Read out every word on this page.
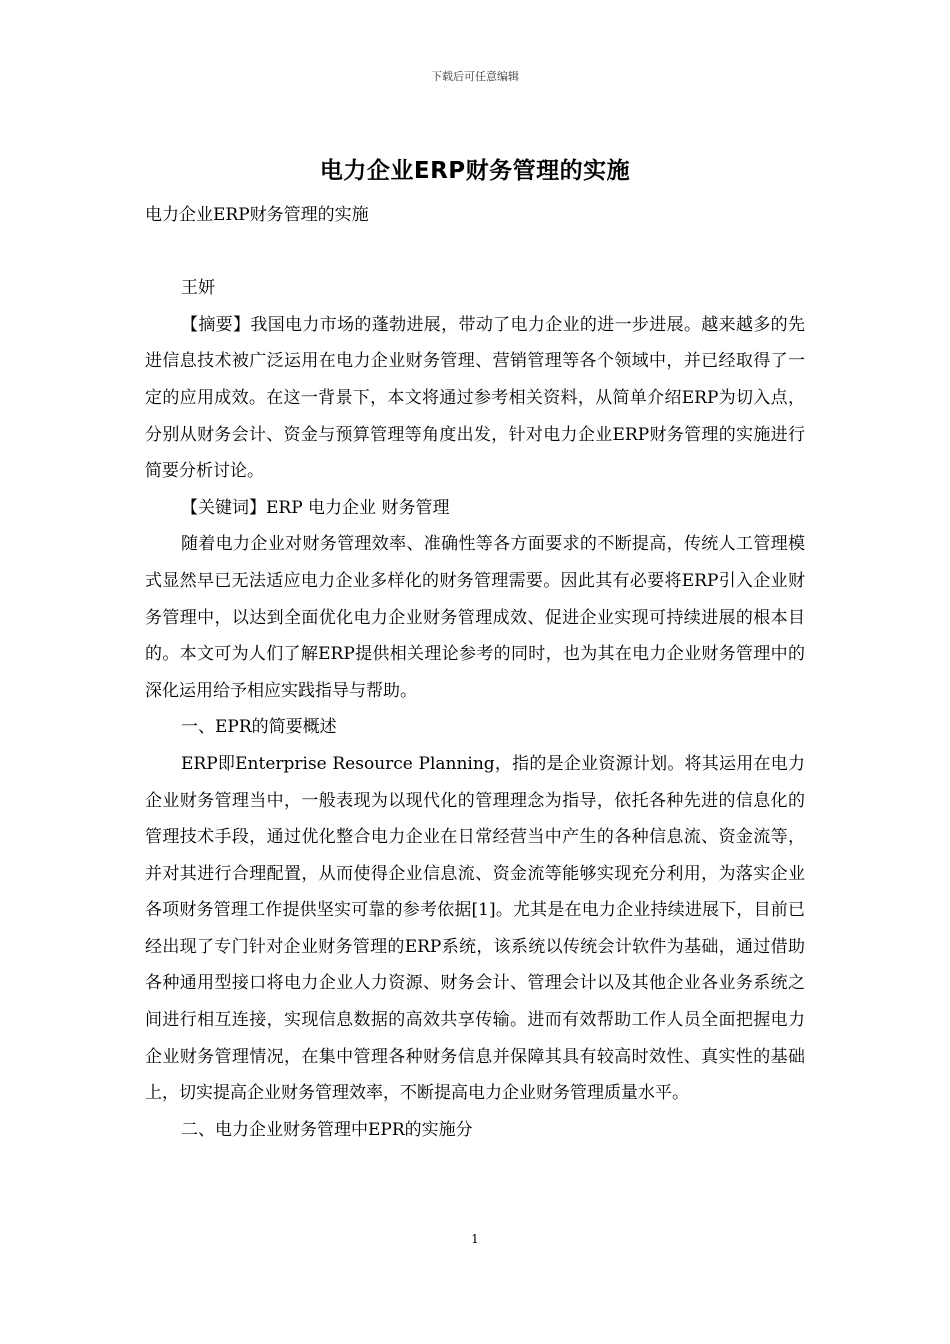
下载后可任意编辑
电力企业ERP财务管理的实施

电力企业ERP财务管理的实施

王妍

【摘要】我国电力市场的蓬勃进展，带动了电力企业的进一步进展。越来越多的先进信息技术被广泛运用在电力企业财务管理、营销管理等各个领域中，并已经取得了一定的应用成效。在这一背景下，本文将通过参考相关资料，从简单介绍ERP为切入点，分别从财务会计、资金与预算管理等角度出发，针对电力企业ERP财务管理的实施进行简要分析讨论。

【关键词】ERP 电力企业 财务管理

随着电力企业对财务管理效率、准确性等各方面要求的不断提高，传统人工管理模式显然早已无法适应电力企业多样化的财务管理需要。因此其有必要将ERP引入企业财务管理中，以达到全面优化电力企业财务管理成效、促进企业实现可持续进展的根本目的。本文可为人们了解ERP提供相关理论参考的同时，也为其在电力企业财务管理中的深化运用给予相应实践指导与帮助。

一、EPR的简要概述

ERP即Enterprise Resource Planning，指的是企业资源计划。将其运用在电力企业财务管理当中，一般表现为以现代化的管理理念为指导，依托各种先进的信息化的管理技术手段，通过优化整合电力企业在日常经营当中产生的各种信息流、资金流等，并对其进行合理配置，从而使得企业信息流、资金流等能够实现充分利用，为落实企业各项财务管理工作提供坚实可靠的参考依据[1]。尤其是在电力企业持续进展下，目前已经出现了专门针对企业财务管理的ERP系统，该系统以传统会计软件为基础，通过借助各种通用型接口将电力企业人力资源、财务会计、管理会计以及其他企业各业务系统之间进行相互连接，实现信息数据的高效共享传输。进而有效帮助工作人员全面把握电力企业财务管理情况，在集中管理各种财务信息并保障其具有较高时效性、真实性的基础上，切实提高企业财务管理效率，不断提高电力企业财务管理质量水平。

二、电力企业财务管理中EPR的实施分

1
